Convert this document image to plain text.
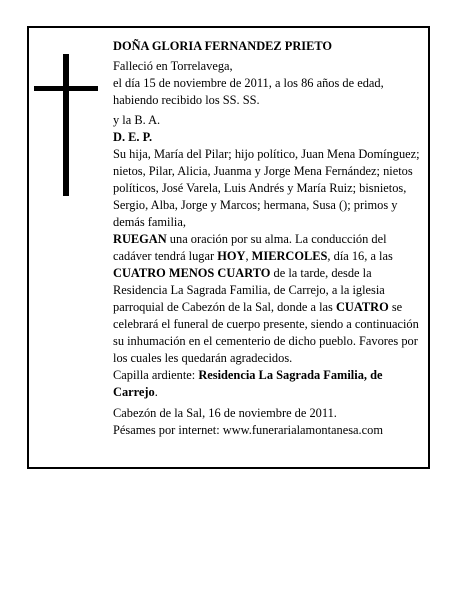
DOÑA GLORIA FERNANDEZ PRIETO

Falleció en Torrelavega,

el día 15 de noviembre de 2011, a los 86 años de edad,

habiendo recibido los SS. SS.

y la B. A.

D. E. P.

Su hija, María del Pilar; hijo político, Juan Mena Domínguez; nietos, Pilar, Alicia, Juanma y Jorge Mena Fernández; nietos políticos, José Varela, Luis Andrés y María Ruiz; bisnietos, Sergio, Alba, Jorge y Marcos; hermana, Susa (); primos y demás familia,

RUEGAN una oración por su alma. La conducción del cadáver tendrá lugar HOY, MIERCOLES, día 16, a las CUATRO MENOS CUARTO de la tarde, desde la Residencia La Sagrada Familia, de Carrejo, a la iglesia parroquial de Cabezón de la Sal, donde a las CUATRO se celebrará el funeral de cuerpo presente, siendo a continuación su inhumación en el cementerio de dicho pueblo. Favores por los cuales les quedarán agradecidos.

Capilla ardiente: Residencia La Sagrada Familia, de Carrejo.

Cabezón de la Sal, 16 de noviembre de 2011.

Pésames por internet: www.funerarialamontanesa.com
